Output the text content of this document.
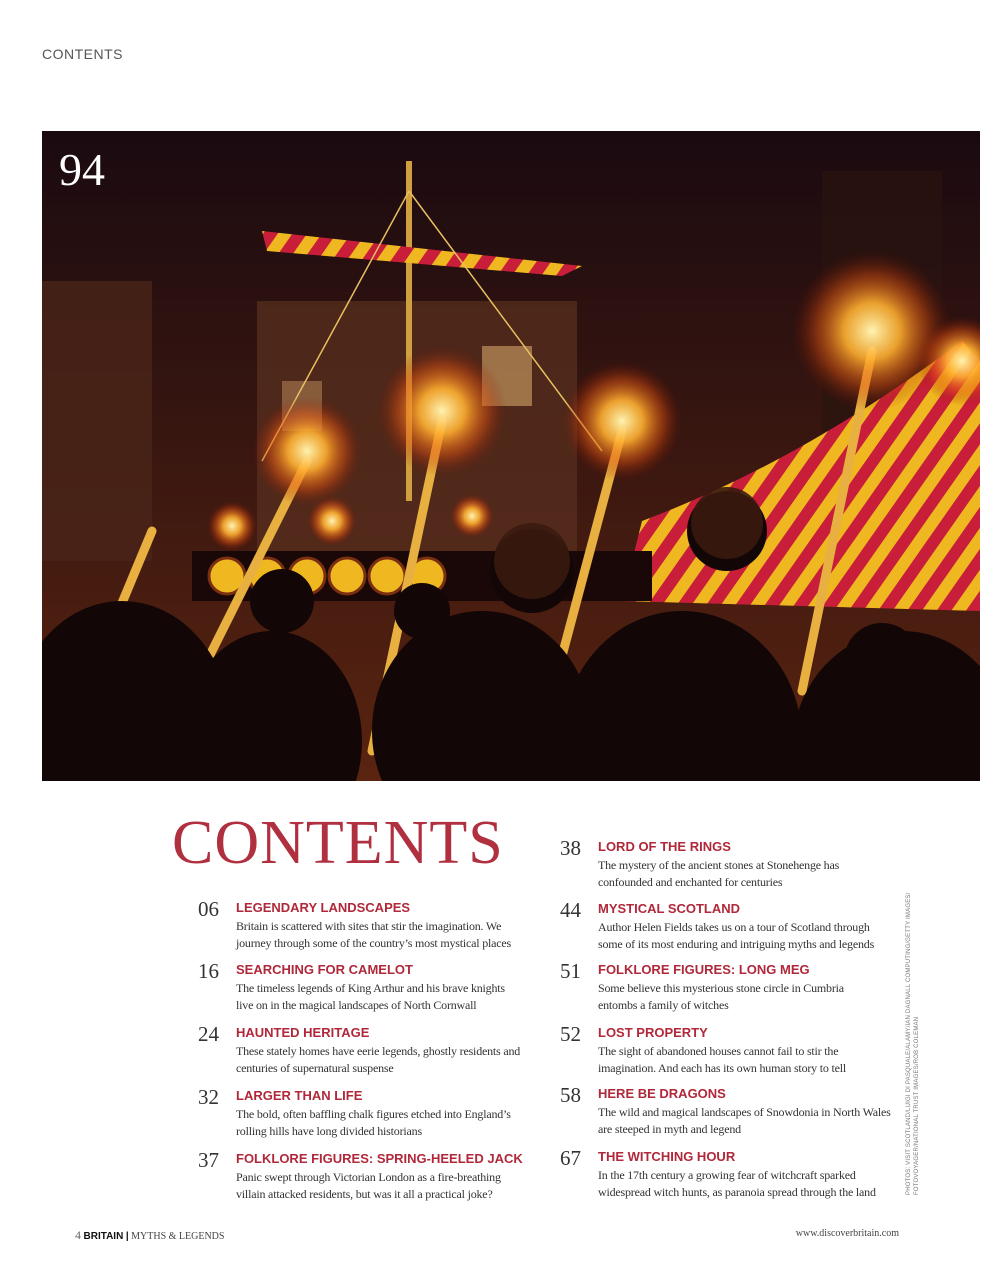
CONTENTS
94
CONTENTS
06 LEGENDARY LANDSCAPES
Britain is scattered with sites that stir the imagination. We
journey through some of the country’s most mystical places
16 SEARCHING FOR CAMELOT
The timeless legends of King Arthur and his brave knights
live on in the magical landscapes of North Cornwall
24 HAUNTED HERITAGE
These stately homes have eerie legends, ghostly residents and
centuries of supernatural suspense
32 LARGER THAN LIFE
The bold, often baffling chalk figures etched into England’s
rolling hills have long divided historians
37 FOLKLORE FIGURES: SPRING-HEELED JACK
Panic swept through Victorian London as a fire-breathing
villain attacked residents, but was it all a practical joke?
38 LORD OF THE RINGS
The mystery of the ancient stones at Stonehenge has
confounded and enchanted for centuries
44 MYSTICAL SCOTLAND
Author Helen Fields takes us on a tour of Scotland through
some of its most enduring and intriguing myths and legends
51 FOLKLORE FIGURES: LONG MEG
Some believe this mysterious stone circle in Cumbria
entombs a family of witches
52 LOST PROPERTY
The sight of abandoned houses cannot fail to stir the
imagination. And each has its own human story to tell
58 HERE BE DRAGONS
The wild and magical landscapes of Snowdonia in North Wales
are steeped in myth and legend
67 THE WITCHING HOUR
In the 17th century a growing fear of witchcraft sparked
widespread witch hunts, as paranoia spread through the land	PHOTOS: VISIT SCOTLAND/LUIGI DI PASQUALE/ALAMY/IAN DAGNALL COMPUTING/GETTY IMAGES/ FOTOVOYAGER/NATIONAL TRUST IMAGES/ROB COLEMAN
4 BRITAIN | MYTHS & LEGENDS	www.discoverbritain.com
